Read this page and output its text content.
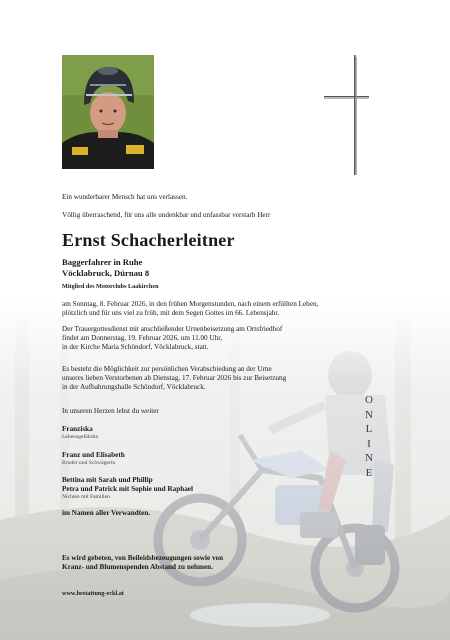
Ein wunderbarer Mensch hat uns verlassen.
Völlig überraschend, für uns alle undenkbar und unfassbar verstarb Herr
Ernst Schacherleitner
Baggerfahrer in Ruhe
Vöcklabruck, Dürnau 8
Mitglied des Motorclubs Laakirchen
am Sonntag, 8. Februar 2026, in den frühen Morgenstunden, nach einem erfüllten Leben,
plötzlich und für uns viel zu früh, mit dem Segen Gottes im 66. Lebensjahr.
Der Trauergottesdienst mit anschließender Urnenbeisetzung am Ortsfriedhof
findet am Donnerstag, 19. Februar 2026, um 11.00 Uhr,
in der Kirche Maria Schöndorf, Vöcklabruck, statt.
Es besteht die Möglichkeit zur persönlichen Verabschiedung an der Urne
unseres lieben Verstorbenen ab Dienstag, 17. Februar 2026 bis zur Beisetzung
in der Aufbahrungshalle Schöndorf, Vöcklabruck.
In unseren Herzen lebst du weiter
Franziska
Lebensgefährtin
Franz und Elisabeth
Bruder und Schwägerin
Bettina mit Sarah und Phillip
Petra und Patrick mit Sophie und Raphael
Nichten mit Familien
im Namen aller Verwandten.
Es wird gebeten, von Beileidsbezeugungen sowie von
Kranz- und Blumenspenden Abstand zu nehmen.
www.bestattung-eckl.at
O
N
L
I
N
E
